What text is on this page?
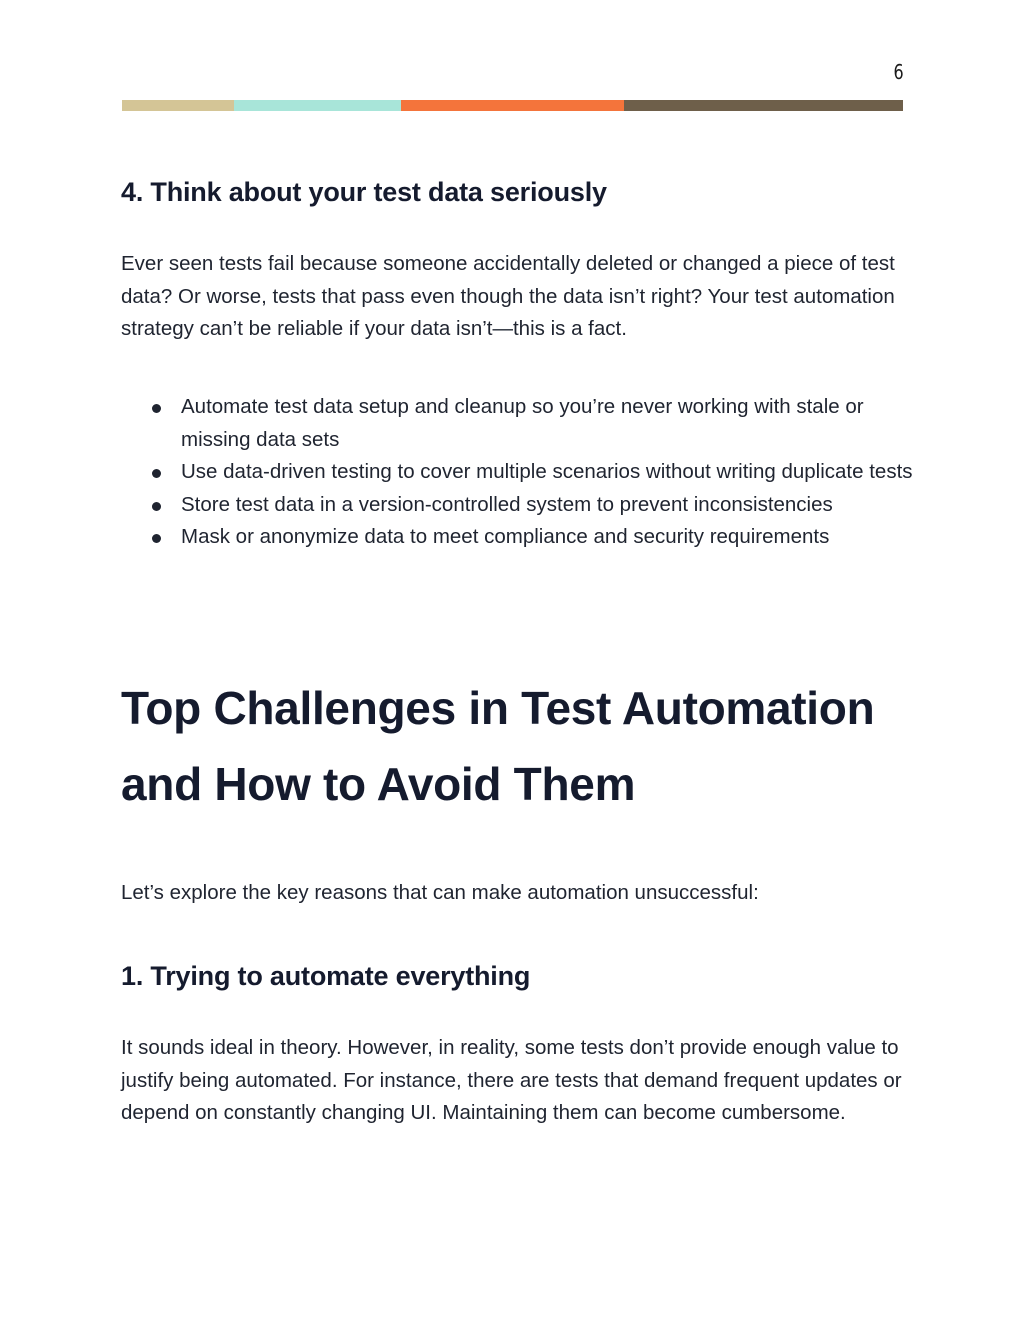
6
4. Think about your test data seriously

Ever seen tests fail because someone accidentally deleted or changed a piece of test data? Or worse, tests that pass even though the data isn’t right? Your test automation strategy can’t be reliable if your data isn’t—this is a fact.

Automate test data setup and cleanup so you’re never working with stale or missing data sets
Use data-driven testing to cover multiple scenarios without writing duplicate tests
Store test data in a version-controlled system to prevent inconsistencies
Mask or anonymize data to meet compliance and security requirements
Top Challenges in Test Automation and How to Avoid Them

Let’s explore the key reasons that can make automation unsuccessful:

1. Trying to automate everything

It sounds ideal in theory. However, in reality, some tests don’t provide enough value to justify being automated. For instance, there are tests that demand frequent updates or depend on constantly changing UI. Maintaining them can become cumbersome.
